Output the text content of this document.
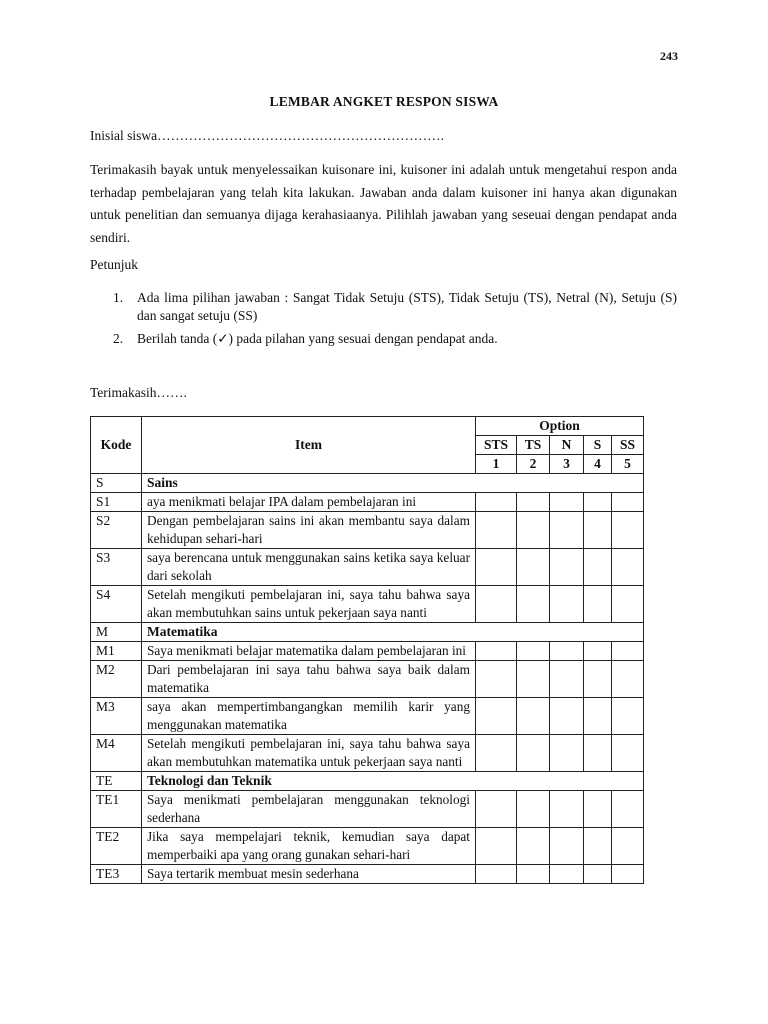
243
LEMBAR ANGKET RESPON SISWA
Inisial siswa……………………………………………………….
Terimakasih bayak untuk menyelessaikan kuisonare ini, kuisoner ini adalah untuk mengetahui respon anda terhadap pembelajaran yang telah kita lakukan. Jawaban anda dalam kuisoner ini hanya akan digunakan untuk penelitian dan semuanya dijaga kerahasiaanya. Pilihlah jawaban yang seseuai dengan pendapat anda sendiri.
Petunjuk
1. Ada lima pilihan jawaban : Sangat Tidak Setuju (STS), Tidak Setuju (TS), Netral (N), Setuju (S) dan sangat setuju (SS)
2. Berilah tanda (✓) pada pilahan yang sesuai dengan pendapat anda.
Terimakasih…….
Kode	Item	Option				
		STS	TS	N	S	SS
		1	2	3	4	5
S	Sains					
S1	aya menikmati belajar IPA dalam pembelajaran ini					
S2	Dengan pembelajaran sains ini akan membantu saya dalam kehidupan sehari-hari					
S3	saya berencana untuk menggunakan sains ketika saya keluar dari sekolah					
S4	Setelah mengikuti pembelajaran ini, saya tahu bahwa saya akan membutuhkan sains untuk pekerjaan saya nanti					
M	Matematika					
M1	Saya menikmati belajar matematika dalam pembelajaran ini					
M2	Dari pembelajaran ini saya tahu bahwa saya baik dalam matematika					
M3	saya akan mempertimbangangkan memilih karir yang menggunakan matematika					
M4	Setelah mengikuti pembelajaran ini, saya tahu bahwa saya akan membutuhkan matematika untuk pekerjaan saya nanti					
TE	Teknologi dan Teknik					
TE1	Saya menikmati pembelajaran menggunakan teknologi sederhana					
TE2	Jika saya mempelajari teknik, kemudian saya dapat memperbaiki apa yang orang gunakan sehari-hari					
TE3	Saya tertarik membuat mesin sederhana					
